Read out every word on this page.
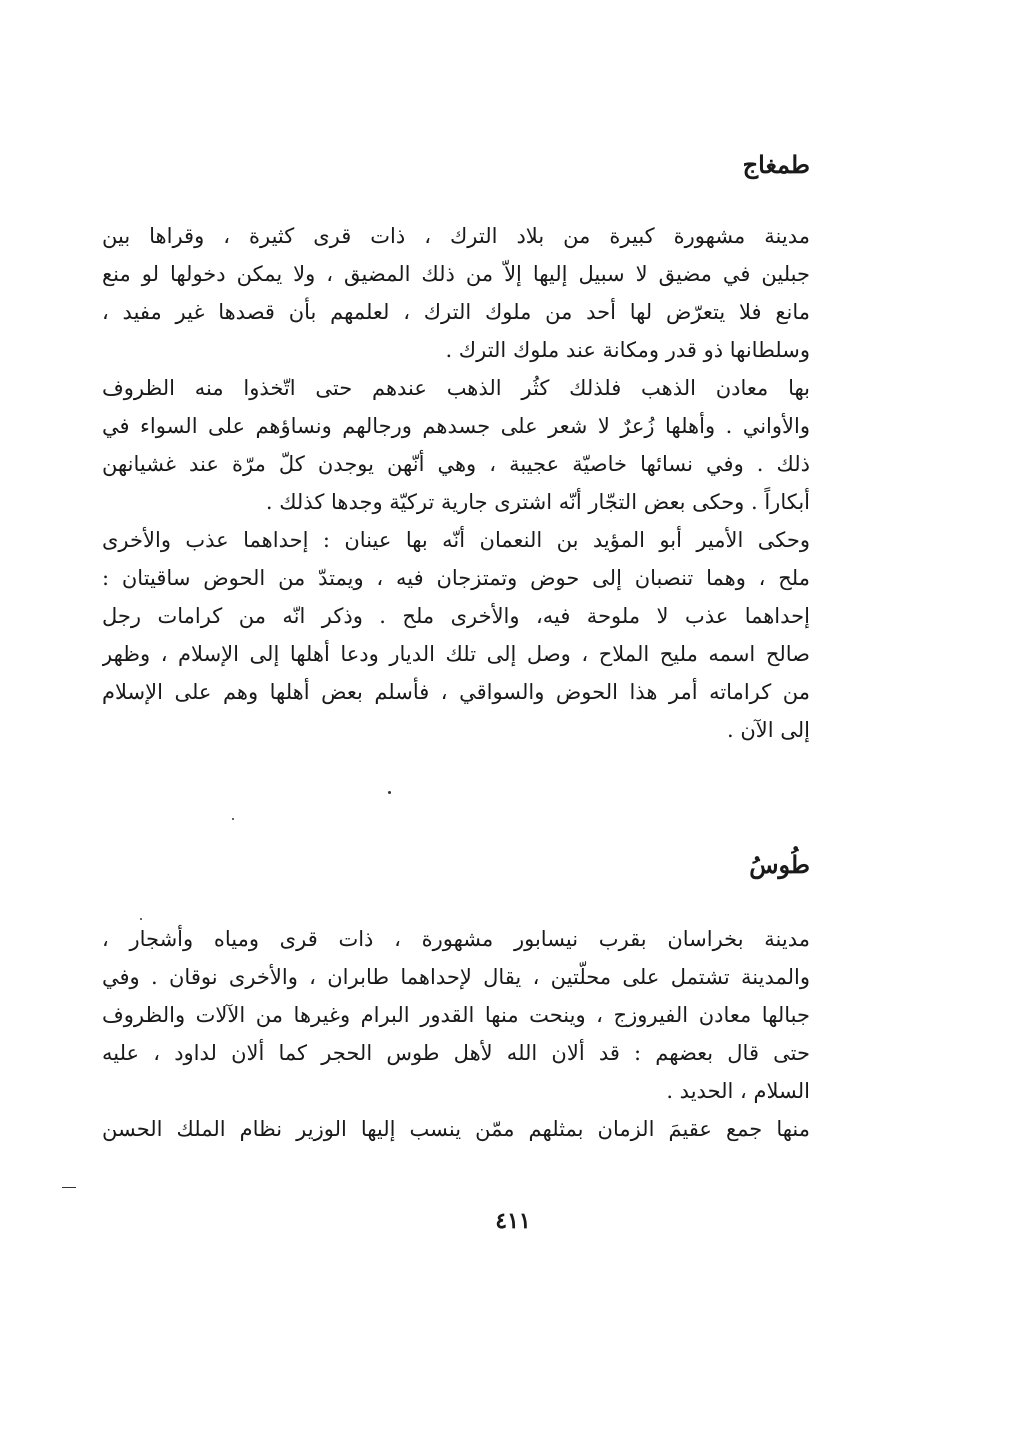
طمغاج
مدينة مشهورة كبيرة من بلاد الترك ، ذات قرى كثيرة ، وقراها بين
جبلين في مضيق لا سبيل إليها إلاّ من ذلك المضيق ، ولا يمكن دخولها لو منع
مانع فلا يتعرّض لها أحد من ملوك الترك ، لعلمهم بأن قصدها غير مفيد ،
وسلطانها ذو قدر ومكانة عند ملوك الترك .
بها معادن الذهب فلذلك كثُر الذهب عندهم حتى اتّخذوا منه الظروف
والأواني . وأهلها زُعرٌ لا شعر على جسدهم ورجالهم ونساؤهم على السواء في
ذلك . وفي نسائها خاصيّة عجيبة ، وهي أنّهن يوجدن كلّ مرّة عند غشيانهن
أبكاراً . وحكى بعض التجّار أنّه اشترى جارية تركيّة وجدها كذلك .
وحكى الأمير أبو المؤيد بن النعمان أنّه بها عينان : إحداهما عذب والأخرى
ملح ، وهما تنصبان إلى حوض وتمتزجان فيه ، ويمتدّ من الحوض ساقيتان :
إحداهما عذب لا ملوحة فيه، والأخرى ملح . وذكر انّه من كرامات رجل
صالح اسمه مليح الملاح ، وصل إلى تلك الديار ودعا أهلها إلى الإسلام ، وظهر
من كراماته أمر هذا الحوض والسواقي ، فأسلم بعض أهلها وهم على الإسلام
إلى الآن .
طُوسُ
مدينة بخراسان بقرب نيسابور مشهورة ، ذات قرى ومياه وأشجار ،
والمدينة تشتمل على محلّتين ، يقال لإحداهما طابران ، والأخرى نوقان . وفي
جبالها معادن الفيروزج ، وينحت منها القدور البرام وغيرها من الآلات والظروف
حتى قال بعضهم : قد ألان الله لأهل طوس الحجر كما ألان لداود ، عليه
السلام ، الحديد .
منها جمع عقيمَ الزمان بمثلهم ممّن ينسب إليها الوزير نظام الملك الحسن
٤١١
